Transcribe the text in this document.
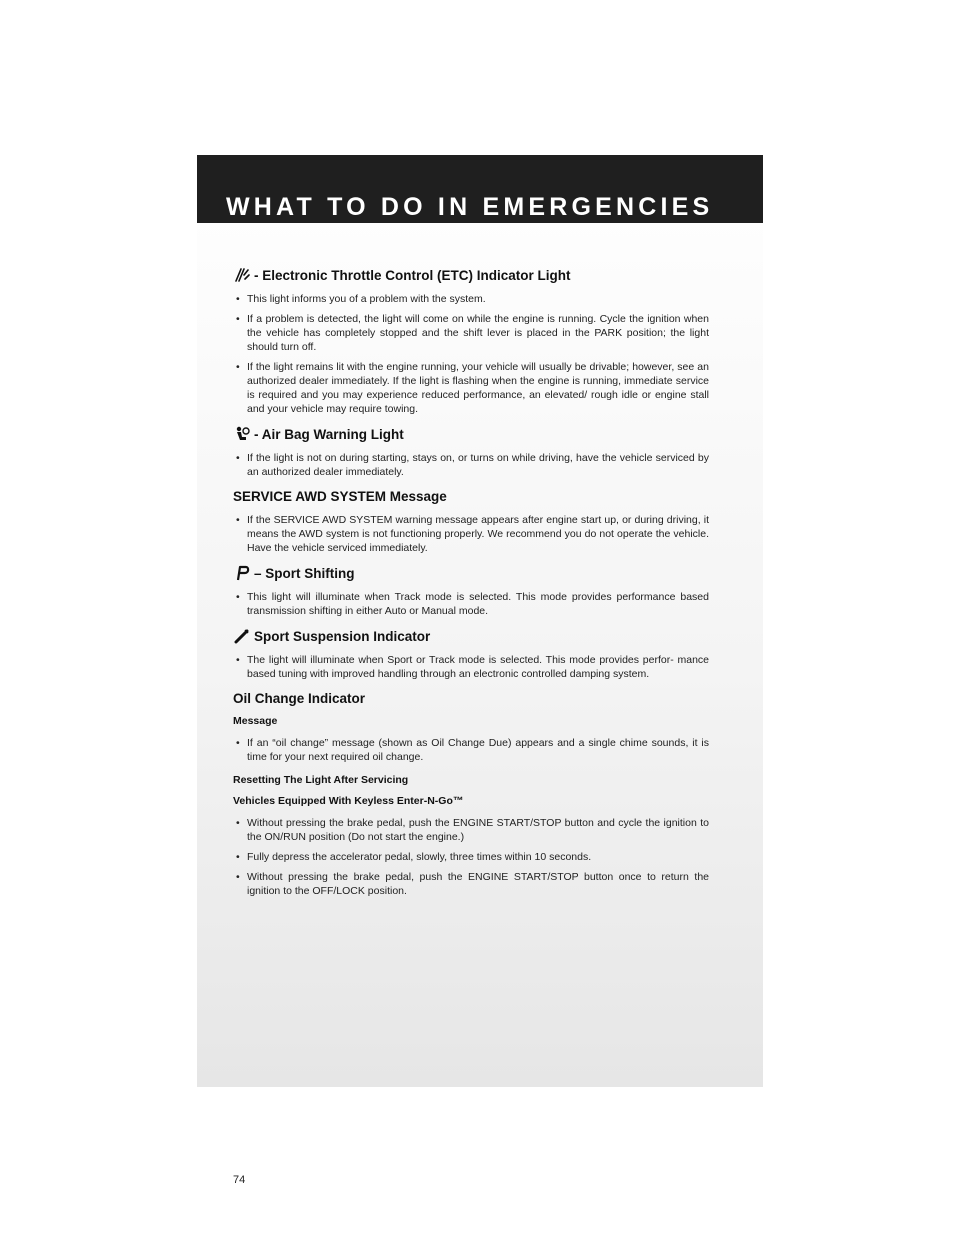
WHAT TO DO IN EMERGENCIES
- Electronic Throttle Control (ETC) Indicator Light
• This light informs you of a problem with the system.
• If a problem is detected, the light will come on while the engine is running. Cycle the ignition when the vehicle has completely stopped and the shift lever is placed in the PARK position; the light should turn off.
• If the light remains lit with the engine running, your vehicle will usually be drivable; however, see an authorized dealer immediately. If the light is flashing when the engine is running, immediate service is required and you may experience reduced performance, an elevated/ rough idle or engine stall and your vehicle may require towing.
- Air Bag Warning Light
• If the light is not on during starting, stays on, or turns on while driving, have the vehicle serviced by an authorized dealer immediately.
SERVICE AWD SYSTEM Message
• If the SERVICE AWD SYSTEM warning message appears after engine start up, or during driving, it means the AWD system is not functioning properly. We recommend you do not operate the vehicle. Have the vehicle serviced immediately.
– Sport Shifting
• This light will illuminate when Track mode is selected. This mode provides performance based transmission shifting in either Auto or Manual mode.
Sport Suspension Indicator
• The light will illuminate when Sport or Track mode is selected. This mode provides perfor- mance based tuning with improved handling through an electronic controlled damping system.
Oil Change Indicator
Message
• If an “oil change” message (shown as Oil Change Due) appears and a single chime sounds, it is time for your next required oil change.
Resetting The Light After Servicing
Vehicles Equipped With Keyless Enter-N-Go™
• Without pressing the brake pedal, push the ENGINE START/STOP button and cycle the ignition to the ON/RUN position (Do not start the engine.)
• Fully depress the accelerator pedal, slowly, three times within 10 seconds.
• Without pressing the brake pedal, push the ENGINE START/STOP button once to return the ignition to the OFF/LOCK position.
74
